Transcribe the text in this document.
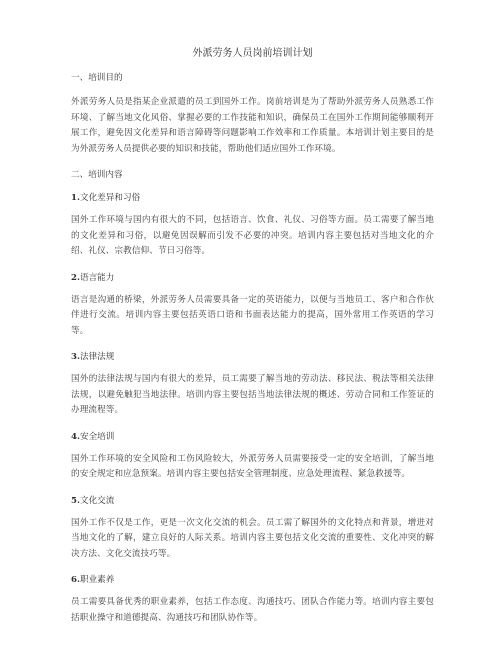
外派劳务人员岗前培训计划
一、培训目的
外派劳务人员是指某企业派遣的员工到国外工作。岗前培训是为了帮助外派劳务人员熟悉工作环境、了解当地文化风俗、掌握必要的工作技能和知识，确保员工在国外工作期间能够顺利开展工作，避免因文化差异和语言障碍等问题影响工作效率和工作质量。本培训计划主要目的是为外派劳务人员提供必要的知识和技能，帮助他们适应国外工作环境。
二、培训内容
1.文化差异和习俗
国外工作环境与国内有很大的不同，包括语言、饮食、礼仪、习俗等方面。员工需要了解当地的文化差异和习俗，以避免因误解而引发不必要的冲突。培训内容主要包括对当地文化的介绍、礼仪、宗教信仰、节日习俗等。
2.语言能力
语言是沟通的桥梁，外派劳务人员需要具备一定的英语能力，以便与当地员工、客户和合作伙伴进行交流。培训内容主要包括英语口语和书面表达能力的提高，国外常用工作英语的学习等。
3.法律法规
国外的法律法规与国内有很大的差异，员工需要了解当地的劳动法、移民法、税法等相关法律法规，以避免触犯当地法律。培训内容主要包括当地法律法规的概述、劳动合同和工作签证的办理流程等。
4.安全培训
国外工作环境的安全风险和工伤风险较大，外派劳务人员需要接受一定的安全培训，了解当地的安全规定和应急预案。培训内容主要包括安全管理制度、应急处理流程、紧急救援等。
5.文化交流
国外工作不仅是工作，更是一次文化交流的机会。员工需了解国外的文化特点和背景，增进对当地文化的了解，建立良好的人际关系。培训内容主要包括文化交流的重要性、文化冲突的解决方法、文化交流技巧等。
6.职业素养
员工需要具备优秀的职业素养，包括工作态度、沟通技巧、团队合作能力等。培训内容主要包括职业操守和道德提高、沟通技巧和团队协作等。
